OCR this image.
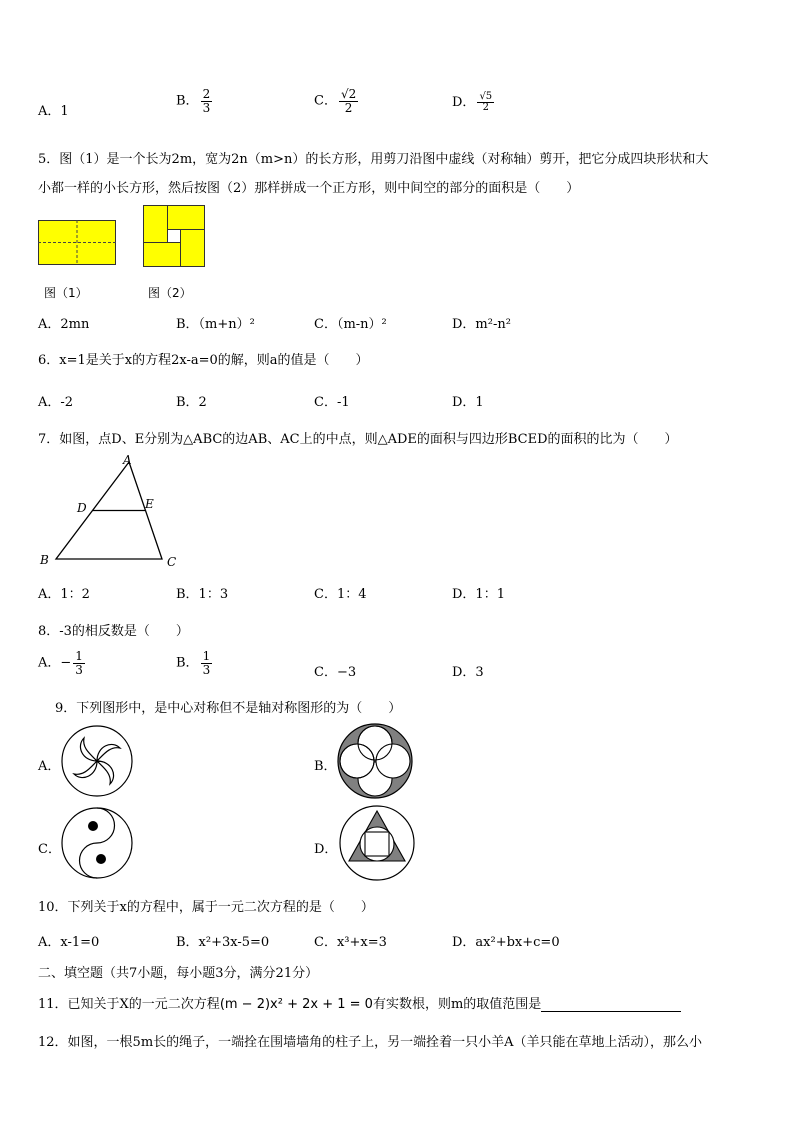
A．1
B． $\frac{2}{3}$	C． $\frac{√2}{2}$	D． $\frac{√5}{2}$
5．图（1）是一个长为2m，宽为2n（m>n）的长方形，用剪刀沿图中虚线（对称轴）剪开，把它分成四块形状和大
小都一样的小长方形，然后按图（2）那样拼成一个正方形，则中间空的部分的面积是（　　）
图（1）	图（2）
A．2mn	B．（m+n）²	C．（m-n）²	D．m²-n²
6．x=1是关于x的方程2x-a=0的解，则a的值是（　　）
A．-2	B．2	C．-1	D．1
7．如图，点D、E分别为△ABC的边AB、AC上的中点，则△ADE的面积与四边形BCED的面积的比为（　　）
A
B	C
D	E
A．1：2	B．1：3	C．1：4	D．1：1
8．-3的相反数是（　　）
A．− $\frac{1}{3}$	B． $\frac{1}{3}$	C．−3	D．3
9．下列图形中，是中心对称但不是轴对称图形的为（　　）
A．	B．
C．	D．
10．下列关于x的方程中，属于一元二次方程的是（　　）
A．x-1=0	B．x²+3x-5=0	C．x³+x=3	D．ax²+bx+c=0
二、填空题（共7小题，每小题3分，满分21分）
11．已知关于X的一元二次方程(m − 2)x² + 2x + 1 = 0有实数根，则m的取值范围是
12．如图，一根5m长的绳子，一端拴在围墙墙角的柱子上，另一端拴着一只小羊A（羊只能在草地上活动），那么小
